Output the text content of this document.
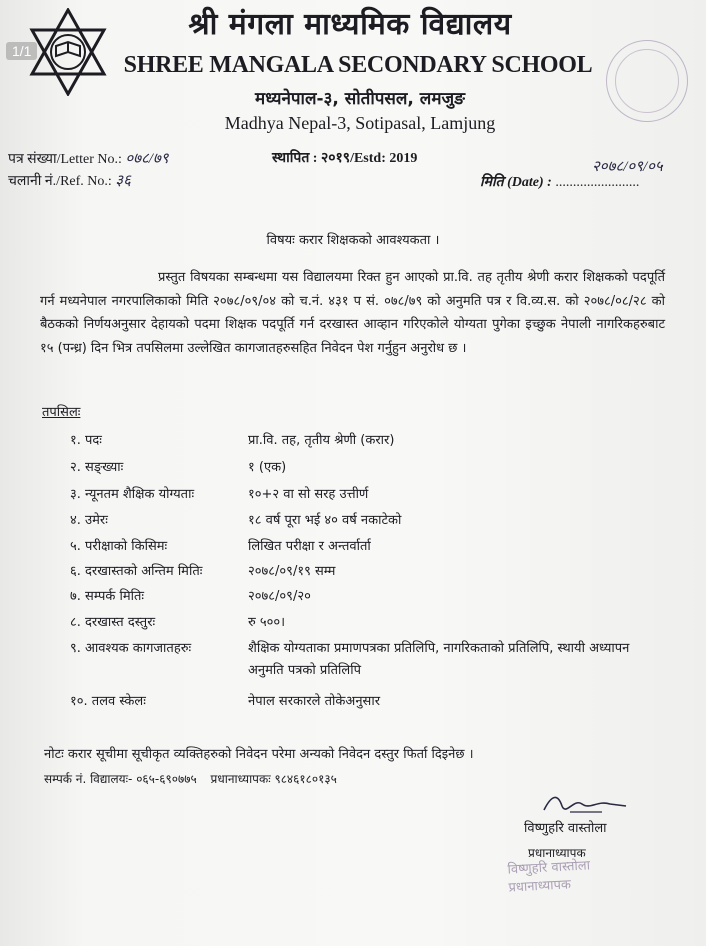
1/1
श्री मंगला माध्यमिक विद्यालय
SHREE MANGALA SECONDARY SCHOOL
मध्यनेपाल-३, सोतीपसल, लमजुङ
Madhya Nepal-3, Sotipasal, Lamjung
पत्र संख्या/Letter No.: ०७८/७९
चलानी नं./Ref. No.: ३६
स्थापित : २०१९/Estd: 2019
२०७८/०९/०५
मिति (Date) : ........................
विषयः करार शिक्षकको आवश्यकता ।

प्रस्तुत विषयका सम्बन्धमा यस विद्यालयमा रिक्त हुन आएको प्रा.वि. तह तृतीय श्रेणी करार शिक्षकको पदपूर्ति गर्न मध्यनेपाल नगरपालिकाको मिति २०७८/०९/०४ को च.नं. ४३१ प सं. ०७८/७९ को अनुमति पत्र र वि.व्य.स. को २०७८/०८/२८ को बैठकको निर्णयअनुसार देहायको पदमा शिक्षक पदपूर्ति गर्न दरखास्त आव्हान गरिएकोले योग्यता पुगेका इच्छुक नेपाली नागरिकहरुबाट १५ (पन्ध्र) दिन भित्र तपसिलमा उल्लेखित कागजातहरुसहित निवेदन पेश गर्नुहुन अनुरोध छ ।

तपसिलः
१. पदः	प्रा.वि. तह, तृतीय श्रेणी (करार)
२. सङ्ख्याः	१ (एक)
३. न्यूनतम शैक्षिक योग्यताः	१०+२ वा सो सरह उत्तीर्ण
४. उमेरः	१८ वर्ष पूरा भई ४० वर्ष नकाटेको
५. परीक्षाको किसिमः	लिखित परीक्षा र अन्तर्वार्ता
६. दरखास्तको अन्तिम मितिः	२०७८/०९/१९ सम्म
७. सम्पर्क मितिः	२०७८/०९/२०
८. दरखास्त दस्तुरः	रु ५००।
९. आवश्यक कागजातहरुः	शैक्षिक योग्यताका प्रमाणपत्रका प्रतिलिपि, नागरिकताको प्रतिलिपि, स्थायी अध्यापन अनुमति पत्रको प्रतिलिपि
१०. तलव स्केलः	नेपाल सरकारले तोकेअनुसार
नोटः करार सूचीमा सूचीकृत व्यक्तिहरुको निवेदन परेमा अन्यको निवेदन दस्तुर फिर्ता दिइनेछ ।
सम्पर्क नं. विद्यालयः- ०६५-६९०७७५ प्रधानाध्यापकः ९८४६१८०१३५
विष्णुहरि वास्तोला
प्रधानाध्यापक
विष्णुहरि वास्तोला
प्रधानाध्यापक
